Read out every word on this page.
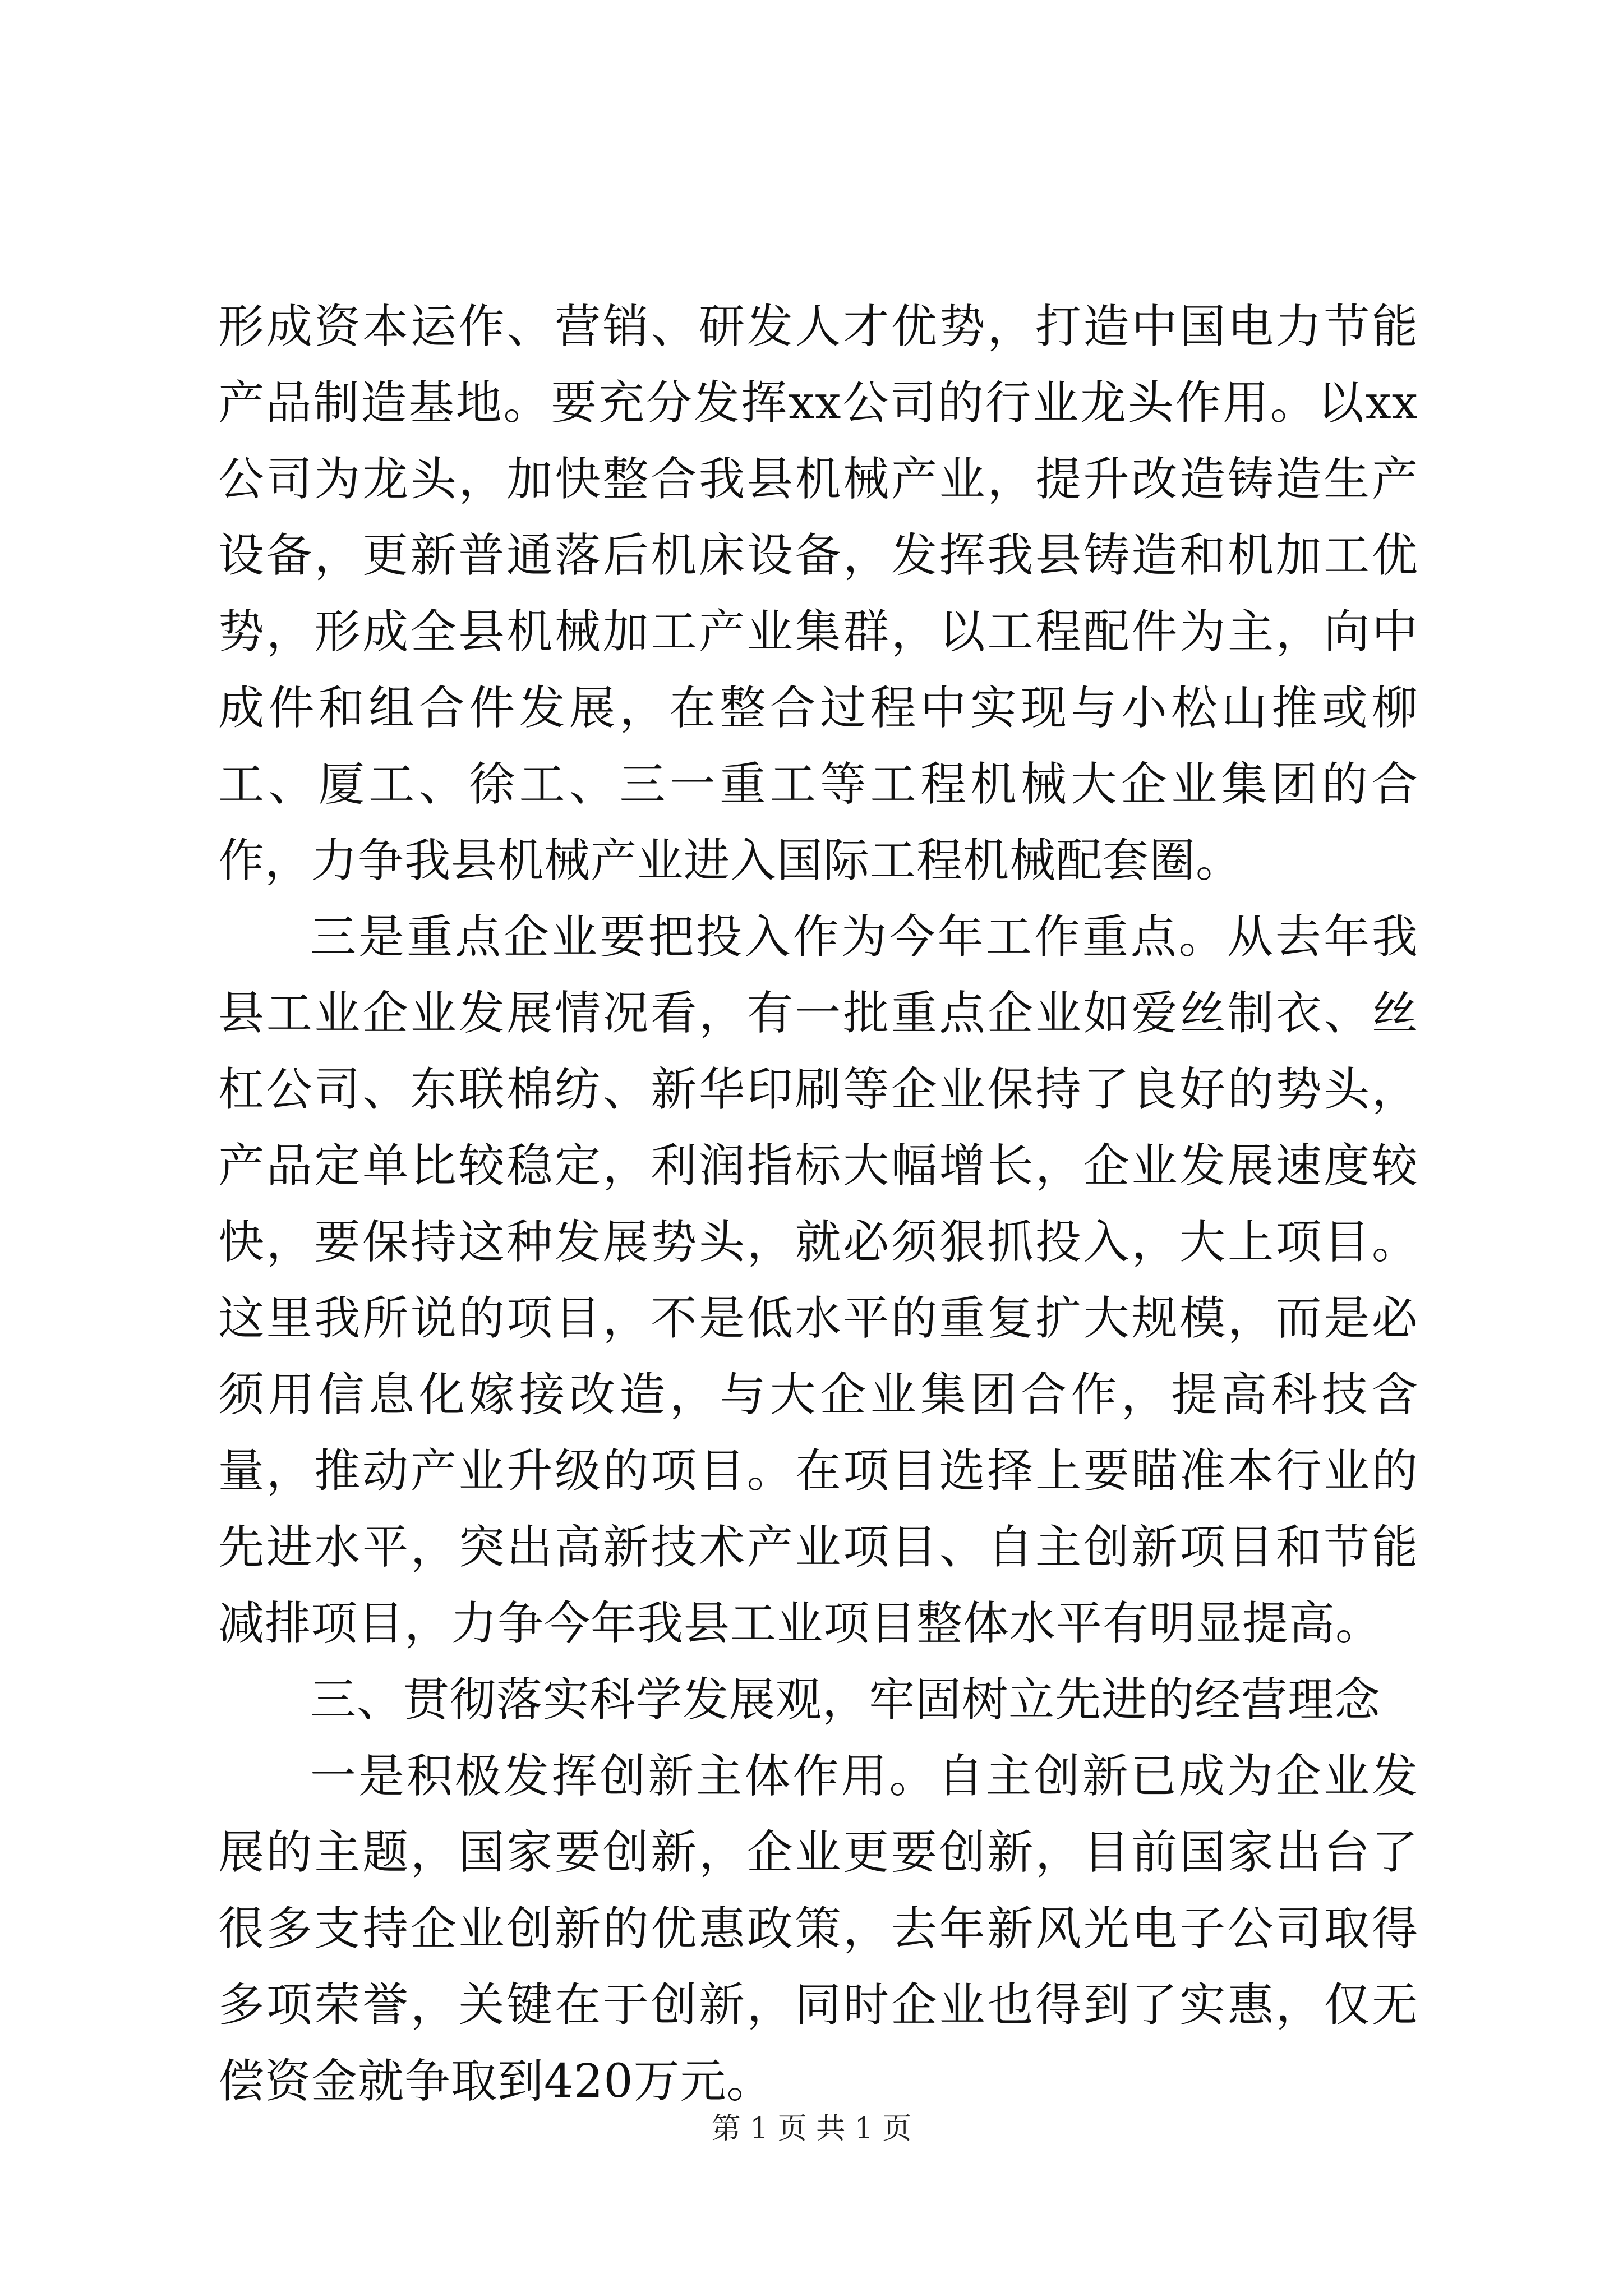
形成资本运作、营销、研发人才优势，打造中国电力节能产品制造基地。要充分发挥xx公司的行业龙头作用。以xx公司为龙头，加快整合我县机械产业，提升改造铸造生产设备，更新普通落后机床设备，发挥我县铸造和机加工优势，形成全县机械加工产业集群，以工程配件为主，向中成件和组合件发展，在整合过程中实现与小松山推或柳工、厦工、徐工、三一重工等工程机械大企业集团的合作，力争我县机械产业进入国际工程机械配套圈。

三是重点企业要把投入作为今年工作重点。从去年我县工业企业发展情况看，有一批重点企业如爱丝制衣、丝杠公司、东联棉纺、新华印刷等企业保持了良好的势头，产品定单比较稳定，利润指标大幅增长，企业发展速度较快，要保持这种发展势头，就必须狠抓投入，大上项目。这里我所说的项目，不是低水平的重复扩大规模，而是必须用信息化嫁接改造，与大企业集团合作，提高科技含量，推动产业升级的项目。在项目选择上要瞄准本行业的先进水平，突出高新技术产业项目、自主创新项目和节能减排项目，力争今年我县工业项目整体水平有明显提高。

三、贯彻落实科学发展观，牢固树立先进的经营理念

一是积极发挥创新主体作用。自主创新已成为企业发展的主题，国家要创新，企业更要创新，目前国家出台了很多支持企业创新的优惠政策，去年新风光电子公司取得多项荣誉，关键在于创新，同时企业也得到了实惠，仅无偿资金就争取到420万元。

第 1 页 共 1 页
